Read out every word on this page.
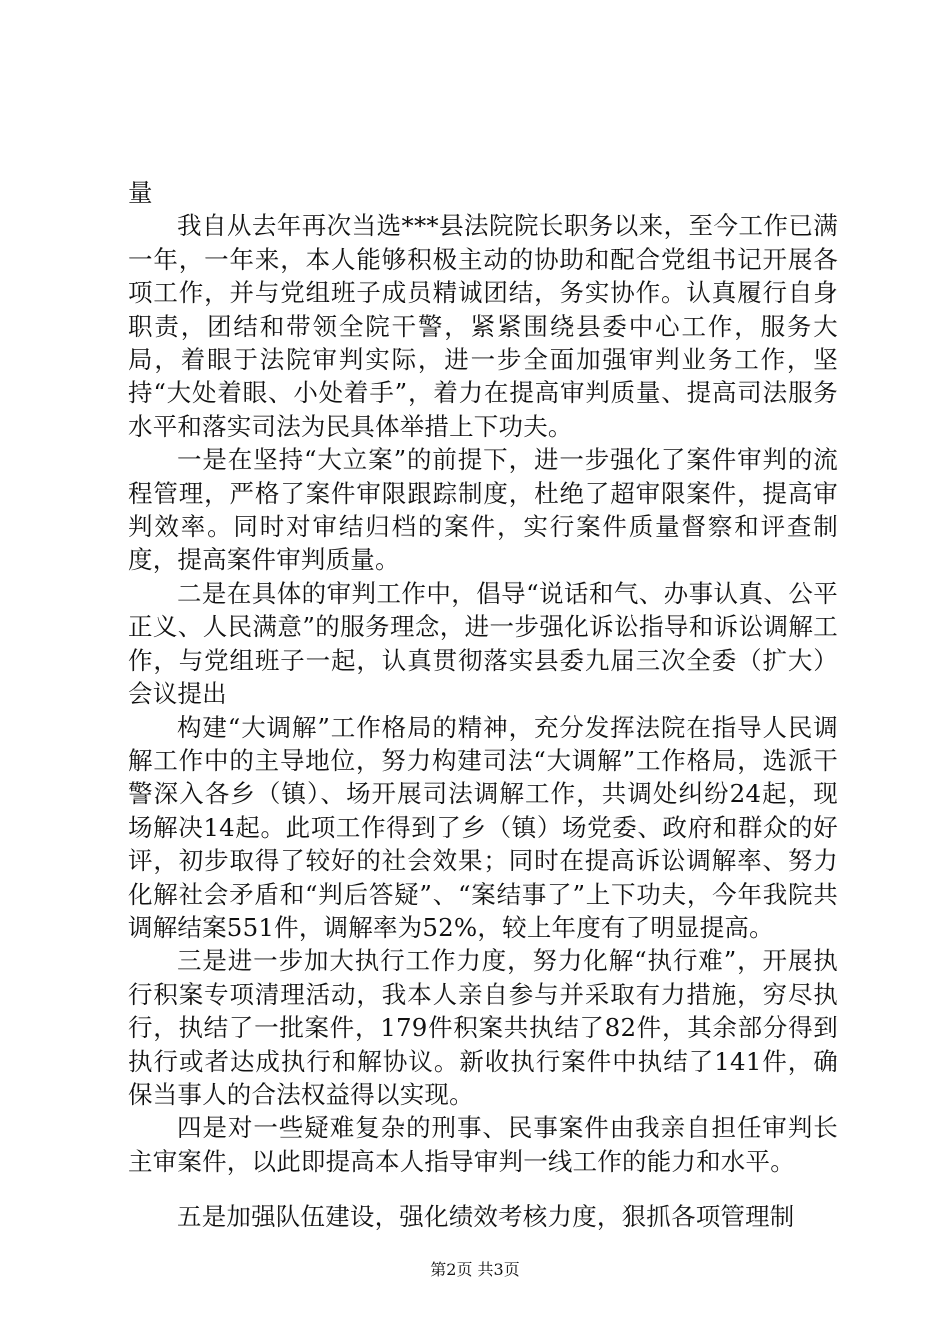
量

我自从去年再次当选***县法院院长职务以来，至今工作已满一年，一年来，本人能够积极主动的协助和配合党组书记开展各项工作，并与党组班子成员精诚团结，务实协作。认真履行自身职责，团结和带领全院干警，紧紧围绕县委中心工作，服务大局，着眼于法院审判实际，进一步全面加强审判业务工作，坚持“大处着眼、小处着手”，着力在提高审判质量、提高司法服务水平和落实司法为民具体举措上下功夫。

一是在坚持“大立案”的前提下，进一步强化了案件审判的流程管理，严格了案件审限跟踪制度，杜绝了超审限案件，提高审判效率。同时对审结归档的案件，实行案件质量督察和评查制度，提高案件审判质量。

二是在具体的审判工作中，倡导“说话和气、办事认真、公平正义、人民满意”的服务理念，进一步强化诉讼指导和诉讼调解工作，与党组班子一起，认真贯彻落实县委九届三次全委（扩大）会议提出

构建“大调解”工作格局的精神，充分发挥法院在指导人民调解工作中的主导地位，努力构建司法“大调解”工作格局，选派干警深入各乡（镇）、场开展司法调解工作，共调处纠纷24起，现场解决14起。此项工作得到了乡（镇）场党委、政府和群众的好评，初步取得了较好的社会效果；同时在提高诉讼调解率、努力化解社会矛盾和“判后答疑”、“案结事了”上下功夫，今年我院共调解结案551件，调解率为52%，较上年度有了明显提高。

三是进一步加大执行工作力度，努力化解“执行难”，开展执行积案专项清理活动，我本人亲自参与并采取有力措施，穷尽执行，执结了一批案件，179件积案共执结了82件，其余部分得到执行或者达成执行和解协议。新收执行案件中执结了141件，确保当事人的合法权益得以实现。

四是对一些疑难复杂的刑事、民事案件由我亲自担任审判长主审案件，以此即提高本人指导审判一线工作的能力和水平。

五是加强队伍建设，强化绩效考核力度，狠抓各项管理制

第2页 共3页
